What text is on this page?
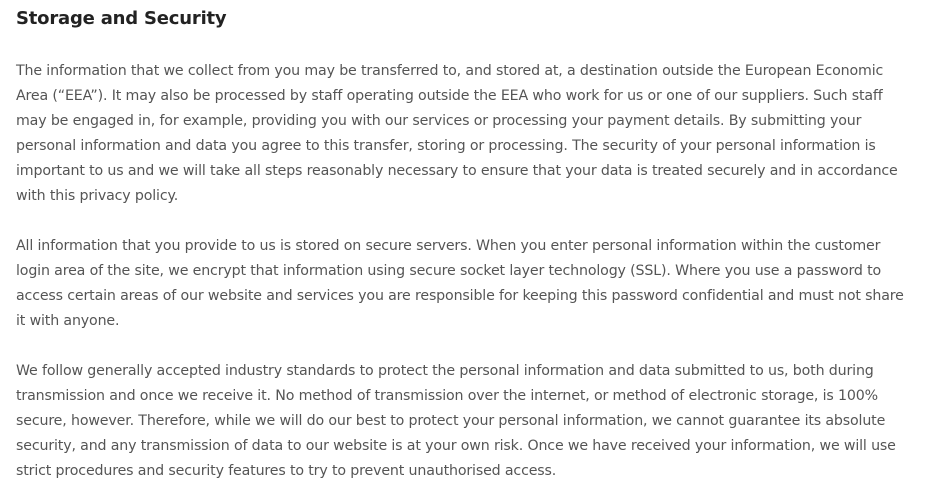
Storage and Security

The information that we collect from you may be transferred to, and stored at, a destination outside the European Economic Area (“EEA”). It may also be processed by staff operating outside the EEA who work for us or one of our suppliers. Such staff may be engaged in, for example, providing you with our services or processing your payment details. By submitting your personal information and data you agree to this transfer, storing or processing. The security of your personal information is important to us and we will take all steps reasonably necessary to ensure that your data is treated securely and in accordance with this privacy policy.

All information that you provide to us is stored on secure servers. When you enter personal information within the customer login area of the site, we encrypt that information using secure socket layer technology (SSL). Where you use a password to access certain areas of our website and services you are responsible for keeping this password confidential and must not share it with anyone.

We follow generally accepted industry standards to protect the personal information and data submitted to us, both during transmission and once we receive it. No method of transmission over the internet, or method of electronic storage, is 100% secure, however. Therefore, while we will do our best to protect your personal information, we cannot guarantee its absolute security, and any transmission of data to our website is at your own risk. Once we have received your information, we will use strict procedures and security features to try to prevent unauthorised access.
